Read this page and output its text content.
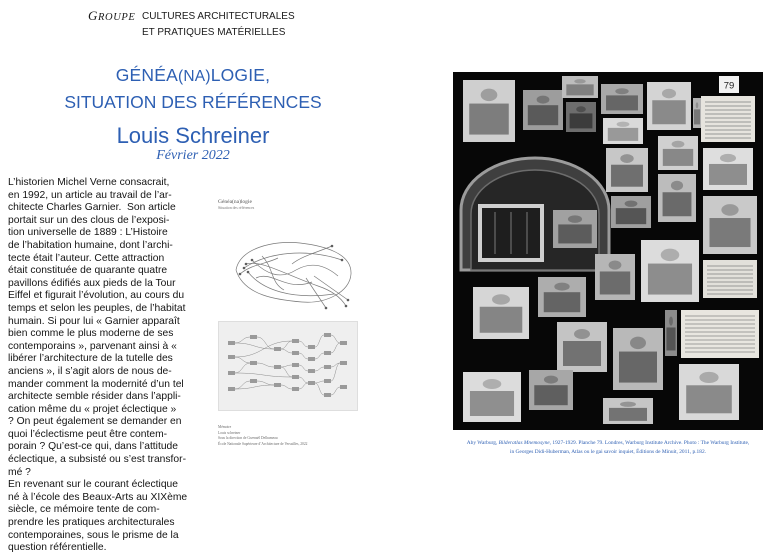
GROUPE CULTURES ARCHITECTURALES
ET PRATIQUES MATÉRIELLES
GÉNÉA(NA)LOGIE,
SITUATION DES RÉFÉRENCES
Louis Schreiner
Février 2022
L’historien Michel Verne consacrait,
en 1992, un article au travail de l’ar-
chitecte Charles Garnier.  Son article
portait sur un des clous de l’exposi-
tion universelle de 1889 : L’Histoire
de l’habitation humaine, dont l’archi-
tecte était l’auteur. Cette attraction
était constituée de quarante quatre
pavillons édifiés aux pieds de la Tour
Eiffel et figurait l’évolution, au cours du
temps et selon les peuples, de l’habitat
humain. Si pour lui « Garnier apparaît
bien comme le plus moderne de ses
contemporains », parvenant ainsi à «
libérer l’architecture de la tutelle des
anciens », il s’agit alors de nous de-
mander comment la modernité d’un tel
architecte semble résider dans l’appli-
cation même du « projet éclectique »
? On peut également se demander en
quoi l’éclectisme peut être contem-
porain ? Qu’est-ce qui, dans l’attitude
éclectique, a subsisté ou s’est transfor-
mé ?
En revenant sur le courant éclectique
né à l’école des Beaux-Arts au XIXème
siècle, ce mémoire tente de com-
prendre les pratiques architecturales
contemporaines, sous le prisme de la
question référentielle.
Généa(na)logie
Situation des références
Mémoire
Louis schreiner
Sous la direction de Gwenaël Delhumeau
École Nationale Supérieure d’Architecture de Versailles, 2022
79
Aby Warburg, Bilderatlas Mnemosyne, 1927-1929. Planche 79. Londres, Warburg Institute Archive. Photo : The Warburg Institute,
in Georges Didi-Huberman, Atlas ou le gai savoir inquiet, Éditions de Minuit, 2011, p.182.
